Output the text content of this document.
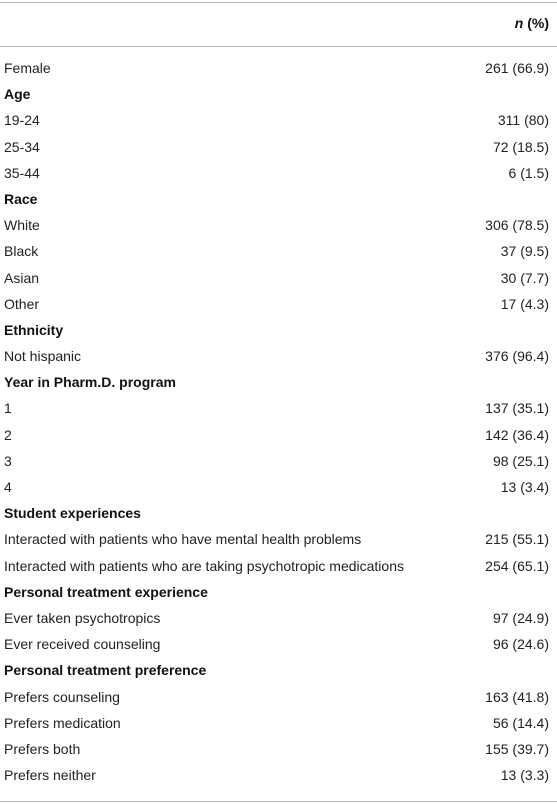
n (%)
Female	261 (66.9)
Age
19-24	311 (80)
25-34	72 (18.5)
35-44	6 (1.5)
Race
White	306 (78.5)
Black	37 (9.5)
Asian	30 (7.7)
Other	17 (4.3)
Ethnicity
Not hispanic	376 (96.4)
Year in Pharm.D. program
1	137 (35.1)
2	142 (36.4)
3	98 (25.1)
4	13 (3.4)
Student experiences
Interacted with patients who have mental health problems	215 (55.1)
Interacted with patients who are taking psychotropic medications	254 (65.1)
Personal treatment experience
Ever taken psychotropics	97 (24.9)
Ever received counseling	96 (24.6)
Personal treatment preference
Prefers counseling	163 (41.8)
Prefers medication	56 (14.4)
Prefers both	155 (39.7)
Prefers neither	13 (3.3)
